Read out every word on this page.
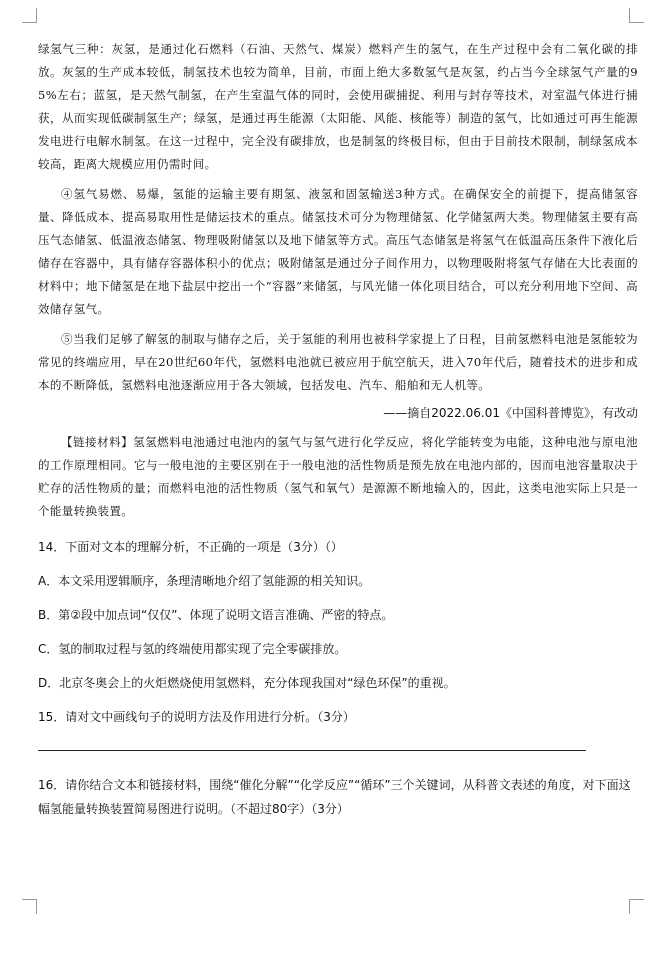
绿氢气三种：灰氢，是通过化石燃料（石油、天然气、煤炭）燃料产生的氢气，在生产过程中会有二氧化碳的排放。灰氢的生产成本较低，制氢技术也较为简单，目前，市面上绝大多数氢气是灰氢，约占当今全球氢气产量的95%左右；蓝氢，是天然气制氢，在产生室温气体的同时，会使用碳捕捉、利用与封存等技术，对室温气体进行捕获，从而实现低碳制氢生产；绿氢，是通过再生能源（太阳能、风能、核能等）制造的氢气，比如通过可再生能源发电进行电解水制氢。在这一过程中，完全没有碳排放，也是制氢的终极目标，但由于目前技术限制，制绿氢成本较高，距离大规模应用仍需时间。

④氢气易燃、易爆，氢能的运输主要有期氢、液氢和固氢输送3种方式。在确保安全的前提下，提高储氢容量、降低成本、提高易取用性是储运技术的重点。储氢技术可分为物理储氢、化学储氢两大类。物理储氢主要有高压气态储氢、低温液态储氢、物理吸附储氢以及地下储氢等方式。高压气态储氢是将氢气在低温高压条件下液化后储存在容器中，具有储存容器体积小的优点；吸附储氢是通过分子间作用力，以物理吸附将氢气存储在大比表面的材料中；地下储氢是在地下盐层中挖出一个“容器”来储氢，与风光储一体化项目结合，可以充分利用地下空间、高效储存氢气。

⑤当我们足够了解氢的制取与储存之后，关于氢能的利用也被科学家提上了日程，目前氢燃料电池是氢能较为常见的终端应用，早在20世纪60年代，氢燃料电池就已被应用于航空航天，进入70年代后，随着技术的进步和成本的不断降低，氢燃料电池逐渐应用于各大领域，包括发电、汽车、船舶和无人机等。

——摘自2022.06.01《中国科普博览》，有改动

【链接材料】氢氢燃料电池通过电池内的氢气与氢气进行化学反应，将化学能转变为电能，这种电池与原电池的工作原理相同。它与一般电池的主要区别在于一般电池的活性物质是预先放在电池内部的，因而电池容量取决于贮存的活性物质的量；而燃料电池的活性物质（氢气和氧气）是源源不断地输入的，因此，这类电池实际上只是一个能量转换装置。

14．下面对文本的理解分析，不正确的一项是（3分）（）

A．本文采用逻辑顺序，条理清晰地介绍了氢能源的相关知识。

B．第②段中加点词“仅仅”、体现了说明文语言准确、严密的特点。

C．氢的制取过程与氢的终端使用都实现了完全零碳排放。

D．北京冬奥会上的火炬燃烧使用氢燃料，充分体现我国对“绿色环保”的重视。

15．请对文中画线句子的说明方法及作用进行分析。（3分）

16．请你结合文本和链接材料，围绕“催化分解”“化学反应”“循环”三个关键词，从科普文表述的角度，对下面这幅氢能量转换装置简易图进行说明。（不超过80字）（3分）
